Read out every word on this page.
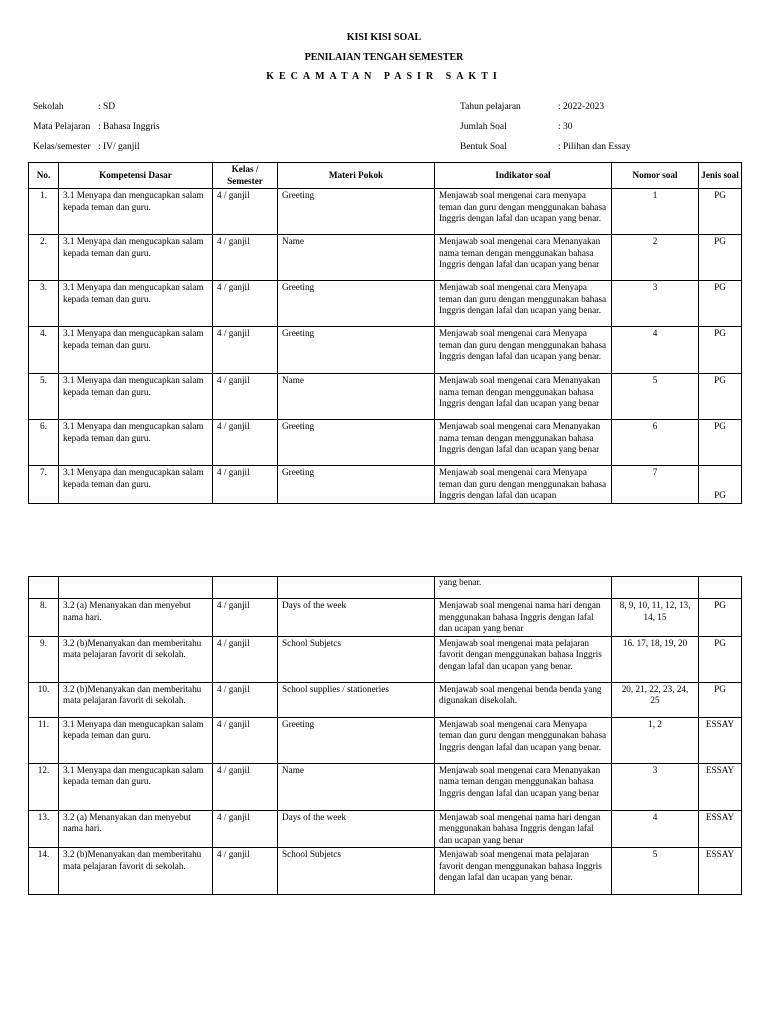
KISI KISI SOAL
PENILAIAN TENGAH SEMESTER
KECAMATAN PASIR SAKTI
Sekolah	: SD
Mata Pelajaran : Bahasa Inggris
Kelas/semester : IV/ ganjil
Tahun pelajaran	: 2022-2023
Jumlah Soal	: 30
Bentuk Soal	: Pilihan dan Essay
No.	Kompetensi Dasar	Kelas / Semester	Materi Pokok	Indikator soal	Nomor soal	Jenis soal
1.	3.1 Menyapa dan mengucapkan salam kepada teman dan guru.	4 / ganjil	Greeting	Menjawab soal mengenai cara menyapa teman dan guru dengan menggunakan bahasa Inggris dengan lafal dan ucapan yang benar.	1	PG
2.	3.1 Menyapa dan mengucapkan salam kepada teman dan guru.	4 / ganjil	Name	Menjawab soal mengenai cara Menanyakan nama teman dengan menggunakan bahasa Inggris dengan lafal dan ucapan yang benar	2	PG
3.	3.1 Menyapa dan mengucapkan salam kepada teman dan guru.	4 / ganjil	Greeting	Menjawab soal mengenai cara Menyapa teman dan guru dengan menggunakan bahasa Inggris dengan lafal dan ucapan yang benar.	3	PG
4.	3.1 Menyapa dan mengucapkan salam kepada teman dan guru.	4 / ganjil	Greeting	Menjawab soal mengenai cara Menyapa teman dan guru dengan menggunakan bahasa Inggris dengan lafal dan ucapan yang benar.	4	PG
5.	3.1 Menyapa dan mengucapkan salam kepada teman dan guru.	4 / ganjil	Name	Menjawab soal mengenai cara Menanyakan nama teman dengan menggunakan bahasa Inggris dengan lafal dan ucapan yang benar	5	PG
6.	3.1 Menyapa dan mengucapkan salam kepada teman dan guru.	4 / ganjil	Greeting	Menjawab soal mengenai cara Menanyakan nama teman dengan menggunakan bahasa Inggris dengan lafal dan ucapan yang benar	6	PG
7.	3.1 Menyapa dan mengucapkan salam kepada teman dan guru.	4 / ganjil	Greeting	Menjawab soal mengenai cara Menyapa teman dan guru dengan menggunakan bahasa Inggris dengan lafal dan ucapan	7	PG
				yang benar.		
8.	3.2 (a) Menanyakan dan menyebut nama hari.	4 / ganjil	Days of the week	Menjawab soal mengenai nama hari dengan menggunakan bahasa Inggris dengan lafal dan ucapan yang benar	8, 9, 10, 11, 12, 13, 14, 15	PG
9.	3.2 (b)Menanyakan dan memberitahu mata pelajaran favorit di sekolah.	4 / ganjil	School Subjetcs	Menjawab soal mengenai mata pelajaran favorit dengan menggunakan bahasa Inggris dengan lafal dan ucapan yang benar.	16. 17, 18, 19, 20	PG
10.	3.2 (b)Menanyakan dan memberitahu mata pelajaran favorit di sekolah.	4 / ganjil	School supplies / stationeries	Menjawab soal mengenai benda benda yang digunakan disekolah.	20, 21, 22, 23, 24, 25	PG
11.	3.1 Menyapa dan mengucapkan salam kepada teman dan guru.	4 / ganjil	Greeting	Menjawab soal mengenai cara Menyapa teman dan guru dengan menggunakan bahasa Inggris dengan lafal dan ucapan yang benar.	1, 2	ESSAY
12.	3.1 Menyapa dan mengucapkan salam kepada teman dan guru.	4 / ganjil	Name	Menjawab soal mengenai cara Menanyakan nama teman dengan menggunakan bahasa Inggris dengan lafal dan ucapan yang benar	3	ESSAY
13.	3.2 (a) Menanyakan dan menyebut nama hari.	4 / ganjil	Days of the week	Menjawab soal mengenai nama hari dengan menggunakan bahasa Inggris dengan lafal dan ucapan yang benar	4	ESSAY
14.	3.2 (b)Menanyakan dan memberitahu mata pelajaran favorit di sekolah.	4 / ganjil	School Subjetcs	Menjawab soal mengenai mata pelajaran favorit dengan menggunakan bahasa Inggris dengan lafal dan ucapan yang benar.	5	ESSAY
